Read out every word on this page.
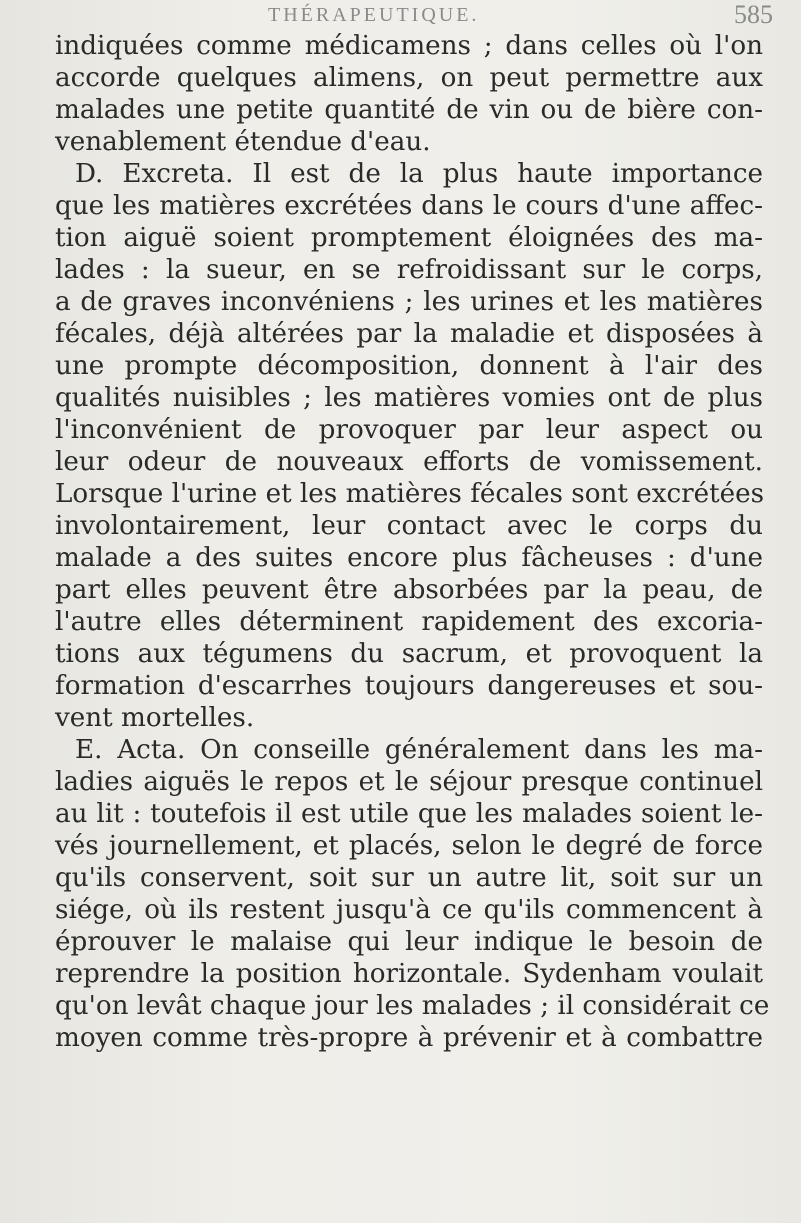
THÉRAPEUTIQUE.	585
indiquées comme médicamens ; dans celles où l'on
accorde quelques alimens, on peut permettre aux
malades une petite quantité de vin ou de bière con-
venablement étendue d'eau.
D. Excreta. Il est de la plus haute importance
que les matières excrétées dans le cours d'une affec-
tion aiguë soient promptement éloignées des ma-
lades : la sueur, en se refroidissant sur le corps,
a de graves inconvéniens ; les urines et les matières
fécales, déjà altérées par la maladie et disposées à
une prompte décomposition, donnent à l'air des
qualités nuisibles ; les matières vomies ont de plus
l'inconvénient de provoquer par leur aspect ou
leur odeur de nouveaux efforts de vomissement.
Lorsque l'urine et les matières fécales sont excrétées
involontairement, leur contact avec le corps du
malade a des suites encore plus fâcheuses : d'une
part elles peuvent être absorbées par la peau, de
l'autre elles déterminent rapidement des excoria-
tions aux tégumens du sacrum, et provoquent la
formation d'escarrhes toujours dangereuses et sou-
vent mortelles.
E. Acta. On conseille généralement dans les ma-
ladies aiguës le repos et le séjour presque continuel
au lit : toutefois il est utile que les malades soient le-
vés journellement, et placés, selon le degré de force
qu'ils conservent, soit sur un autre lit, soit sur un
siége, où ils restent jusqu'à ce qu'ils commencent à
éprouver le malaise qui leur indique le besoin de
reprendre la position horizontale. Sydenham voulait
qu'on levât chaque jour les malades ; il considérait ce
moyen comme très-propre à prévenir et à combattre
